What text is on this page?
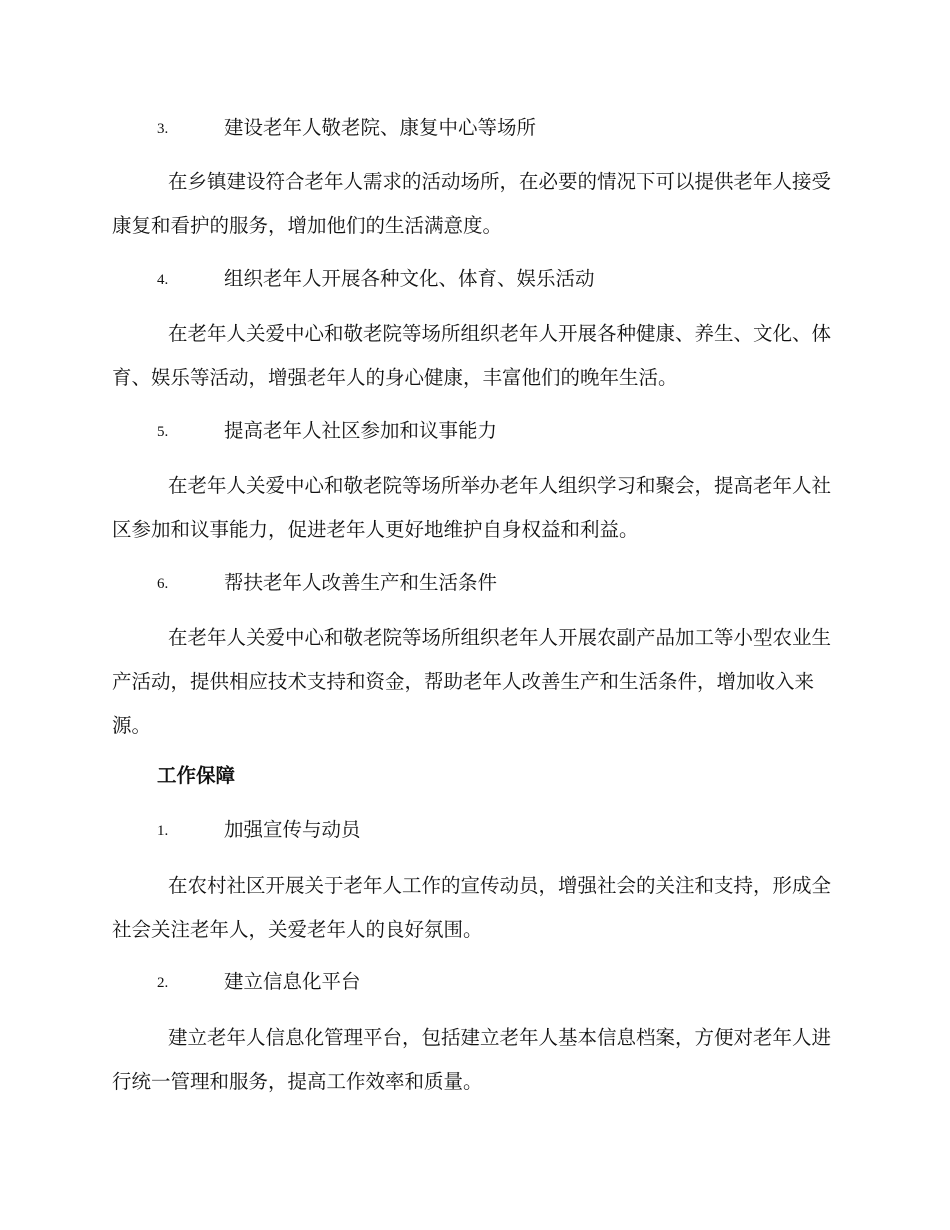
3.	建设老年人敬老院、康复中心等场所
在乡镇建设符合老年人需求的活动场所，在必要的情况下可以提供老年人接受康复和看护的服务，增加他们的生活满意度。
4.	组织老年人开展各种文化、体育、娱乐活动
在老年人关爱中心和敬老院等场所组织老年人开展各种健康、养生、文化、体育、娱乐等活动，增强老年人的身心健康，丰富他们的晚年生活。
5.	提高老年人社区参加和议事能力
在老年人关爱中心和敬老院等场所举办老年人组织学习和聚会，提高老年人社区参加和议事能力，促进老年人更好地维护自身权益和利益。
6.	帮扶老年人改善生产和生活条件
在老年人关爱中心和敬老院等场所组织老年人开展农副产品加工等小型农业生产活动，提供相应技术支持和资金，帮助老年人改善生产和生活条件，增加收入来源。
工作保障
1.	加强宣传与动员
在农村社区开展关于老年人工作的宣传动员，增强社会的关注和支持，形成全社会关注老年人，关爱老年人的良好氛围。
2.	建立信息化平台
建立老年人信息化管理平台，包括建立老年人基本信息档案，方便对老年人进行统一管理和服务，提高工作效率和质量。
